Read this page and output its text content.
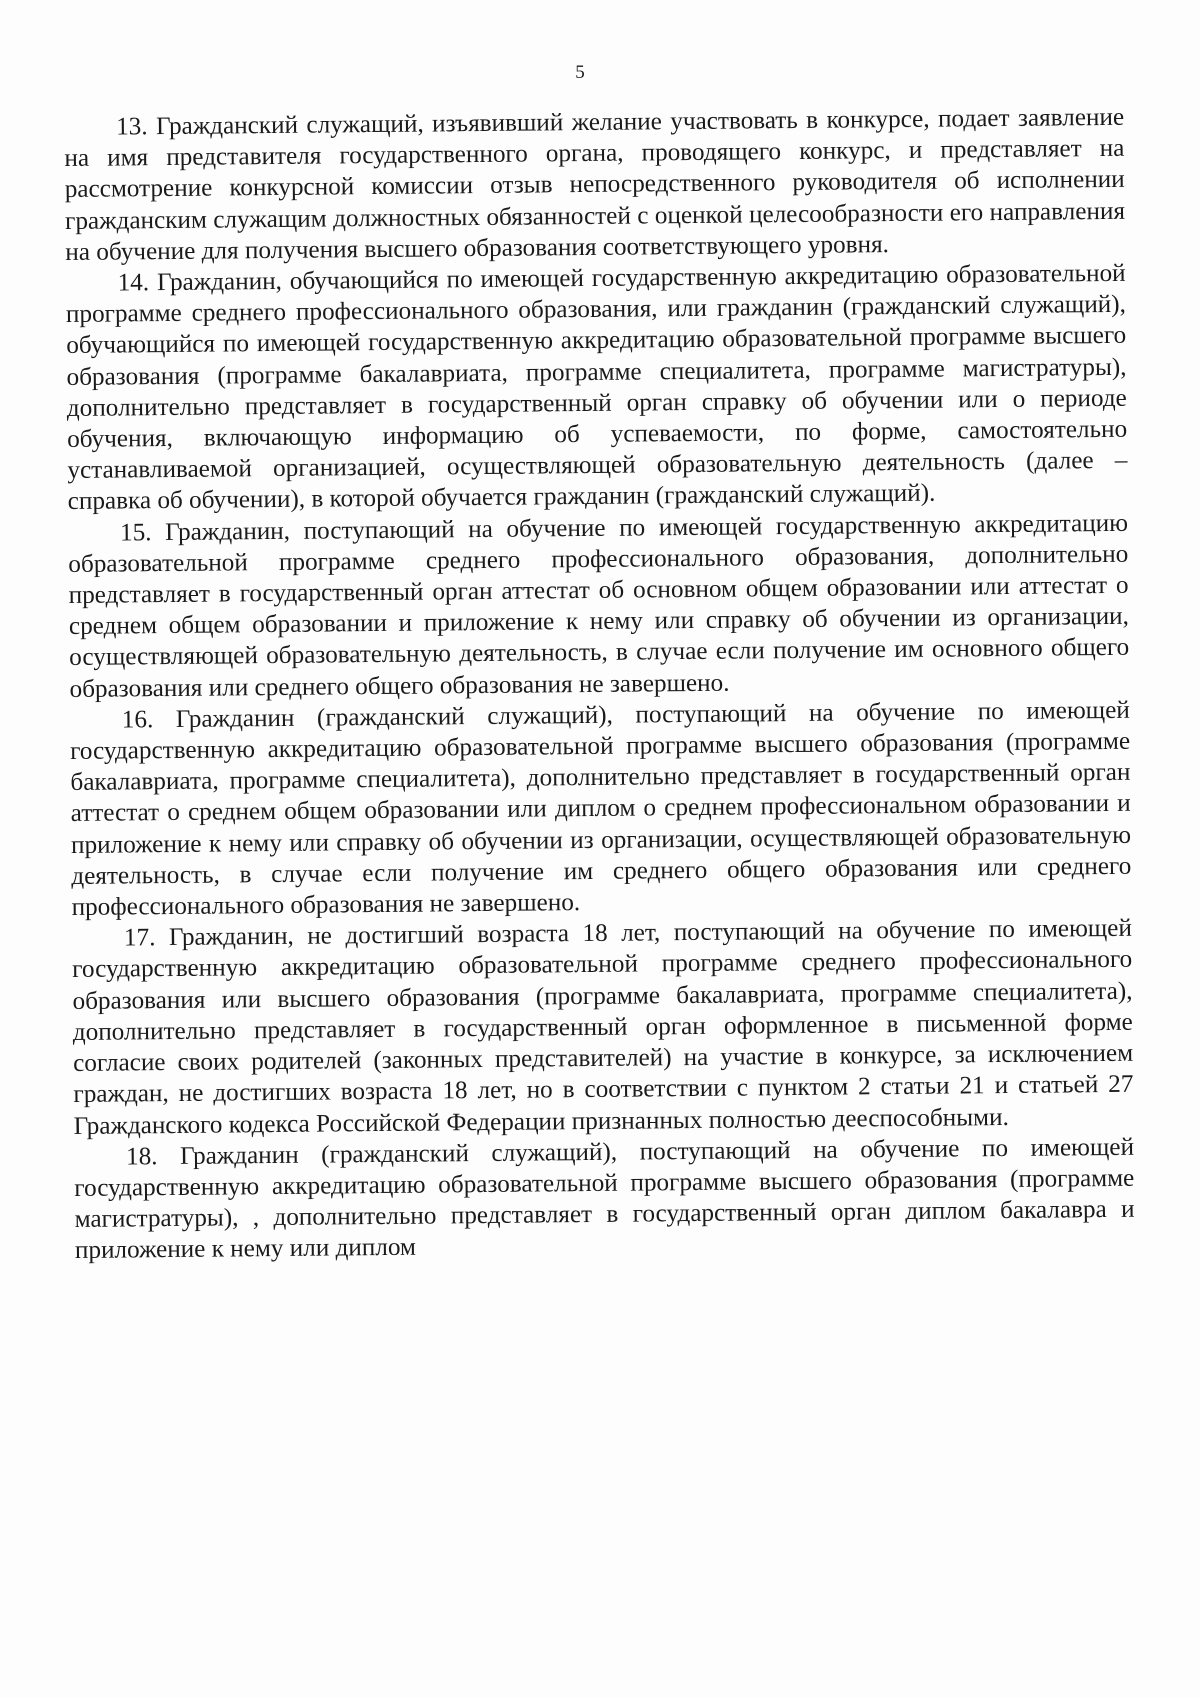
5

13. Гражданский служащий, изъявивший желание участвовать в конкурсе, подает заявление на имя представителя государственного органа, проводящего конкурс, и представляет на рассмотрение конкурсной комиссии отзыв непосредственного руководителя об исполнении гражданским служащим должностных обязанностей с оценкой целесообразности его направления на обучение для получения высшего образования соответствующего уровня.

14. Гражданин, обучающийся по имеющей государственную аккредитацию образовательной программе среднего профессионального образования, или гражданин (гражданский служащий), обучающийся по имеющей государственную аккредитацию образовательной программе высшего образования (программе бакалавриата, программе специалитета, программе магистратуры), дополнительно представляет в государственный орган справку об обучении или о периоде обучения, включающую информацию об успеваемости, по форме, самостоятельно устанавливаемой организацией, осуществляющей образовательную деятельность (далее – справка об обучении), в которой обучается гражданин (гражданский служащий).

15. Гражданин, поступающий на обучение по имеющей государственную аккредитацию образовательной программе среднего профессионального образования, дополнительно представляет в государственный орган аттестат об основном общем образовании или аттестат о среднем общем образовании и приложение к нему или справку об обучении из организации, осуществляющей образовательную деятельность, в случае если получение им основного общего образования или среднего общего образования не завершено.

16. Гражданин (гражданский служащий), поступающий на обучение по имеющей государственную аккредитацию образовательной программе высшего образования (программе бакалавриата, программе специалитета), дополнительно представляет в государственный орган аттестат о среднем общем образовании или диплом о среднем профессиональном образовании и приложение к нему или справку об обучении из организации, осуществляющей образовательную деятельность, в случае если получение им среднего общего образования или среднего профессионального образования не завершено.

17. Гражданин, не достигший возраста 18 лет, поступающий на обучение по имеющей государственную аккредитацию образовательной программе среднего профессионального образования или высшего образования (программе бакалавриата, программе специалитета), дополнительно представляет в государственный орган оформленное в письменной форме согласие своих родителей (законных представителей) на участие в конкурсе, за исключением граждан, не достигших возраста 18 лет, но в соответствии с пунктом 2 статьи 21 и статьей 27 Гражданского кодекса Российской Федерации признанных полностью дееспособными.

18. Гражданин (гражданский служащий), поступающий на обучение по имеющей государственную аккредитацию образовательной программе высшего образования (программе магистратуры), , дополнительно представляет в государственный орган диплом бакалавра и приложение к нему или диплом
